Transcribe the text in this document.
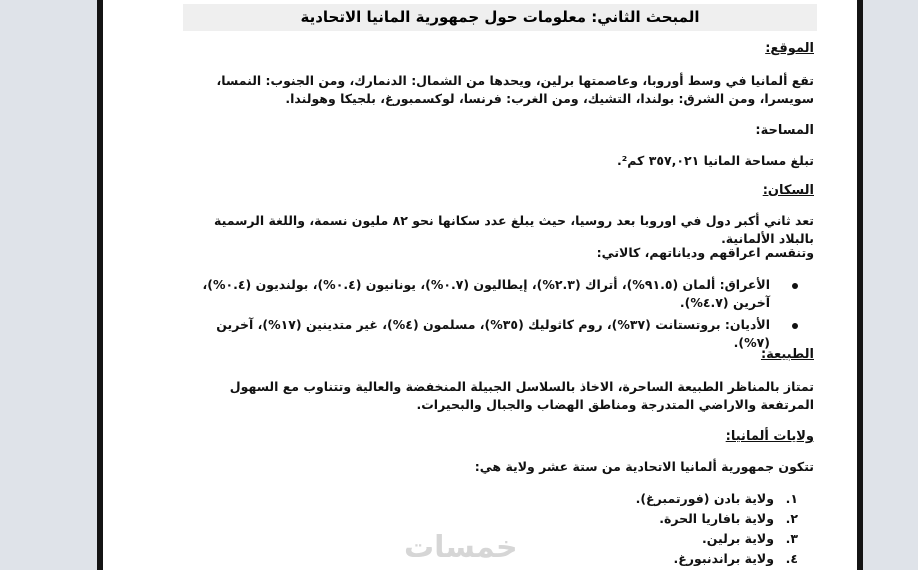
المبحث الثاني: معلومات حول جمهورية المانيا الاتحادية
الموقع:
تقع ألمانيا في وسط أوروبا، وعاصمتها برلين، ويحدها من الشمال: الدنمارك، ومن الجنوب: النمسا، سويسرا، ومن الشرق: بولندا، التشيك، ومن الغرب: فرنسا، لوكسمبورغ، بلجيكا وهولندا.
المساحة:
تبلغ مساحة المانيا ٣٥٧,٠٢١ كم².
السكان:
تعد ثاني أكبر دول في اوروبا بعد روسيا، حيث يبلغ عدد سكانها نحو ٨٢ مليون نسمة، واللغة الرسمية بالبلاد الألمانية.
وتنقسم اعراقهم ودياناتهم، كالاتي:
الأعراق: ألمان (٩١.٥%)، أتراك (٢.٣%)، إيطاليون (٠.٧%)، يونانيون (٠.٤%)، بولنديون (٠.٤%)، آخرين (٤.٧%).
الأديان: بروتستانت (٣٧%)، روم كاثوليك (٣٥%)، مسلمون (٤%)، غير متدينين (١٧%)، آخرين (٧%).
الطبيعة:
تمتاز بالمناظر الطبيعة الساحرة، الاخاذ بالسلاسل الجبيلة المنخفضة والعالية وتتناوب مع السهول المرتفعة والاراضي المتدرجة ومناطق الهضاب والجبال والبحيرات.
ولايات ألمانيا:
تتكون جمهورية ألمانيا الاتحادية من ستة عشر ولاية هي:
١.
ولاية بادن (فورتمبرغ).
٢.
ولاية بافاريا الحرة.
٣.
ولاية برلين.
٤.
ولاية براندنبورغ.
خمسات
